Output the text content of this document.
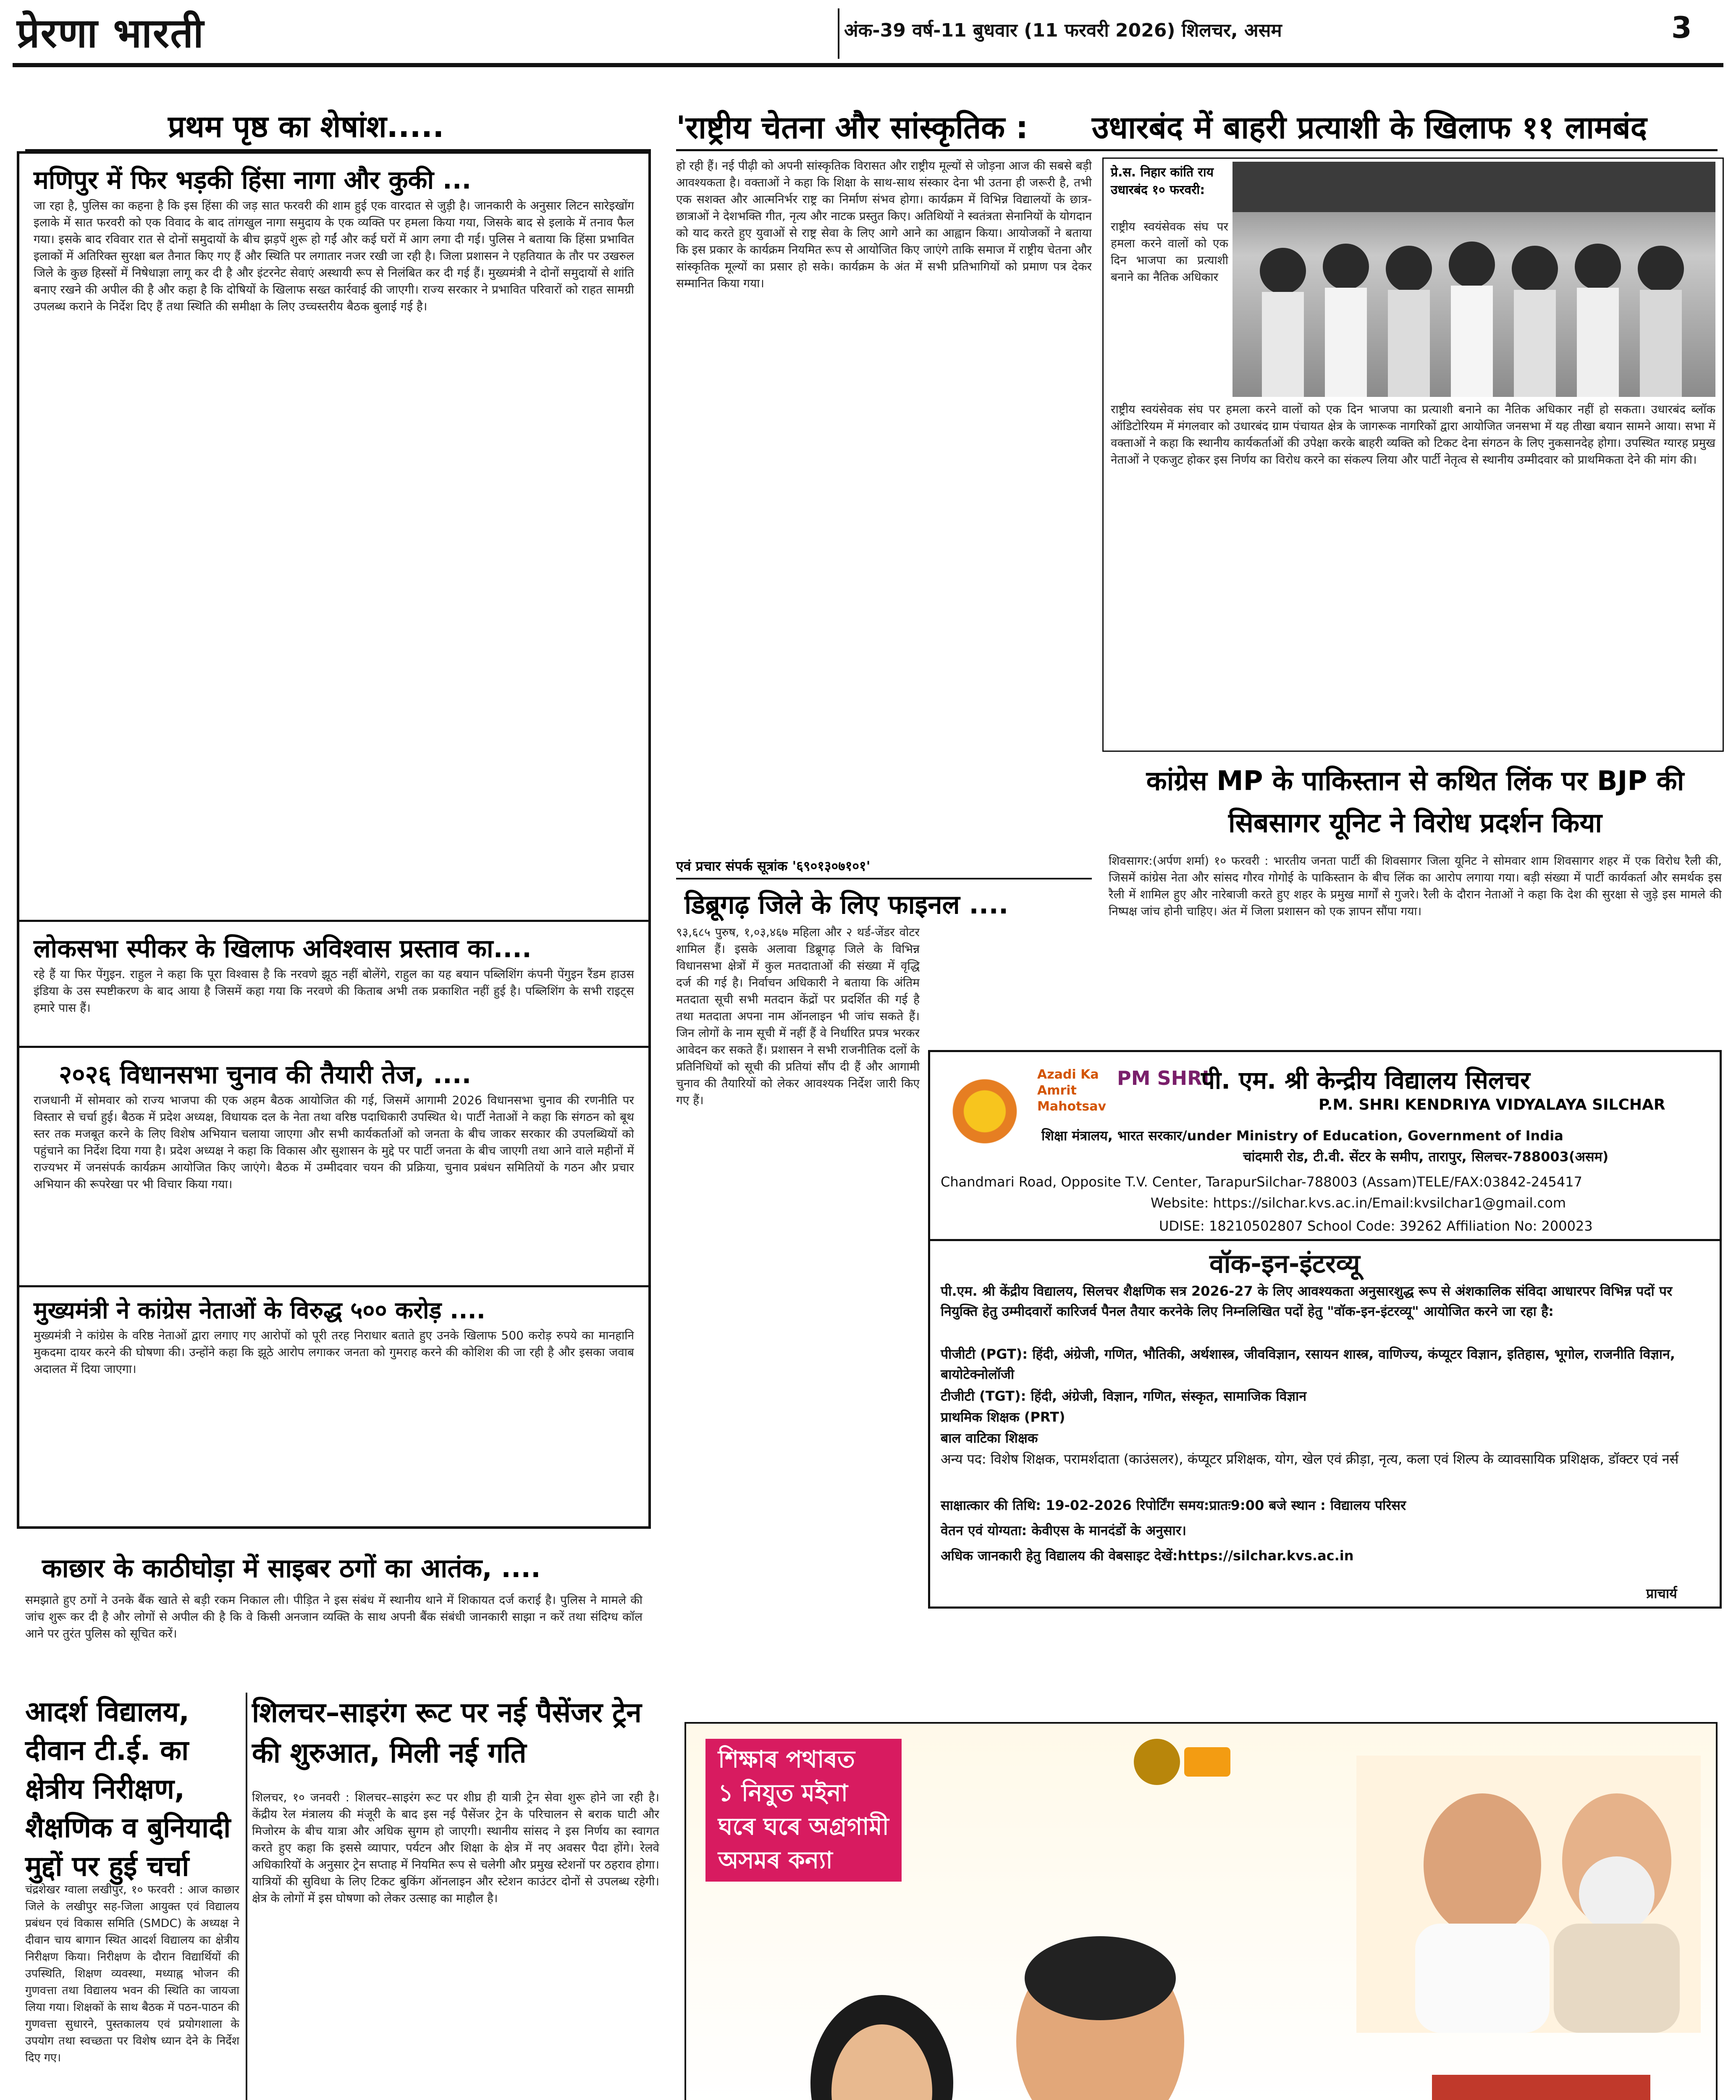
प्रेरणा भारती	अंक-39 वर्ष-11 बुधवार (11 फरवरी 2026) शिलचर, असम	3
प्रथम पृष्ठ का शेषांश.....
मणिपुर में फिर भड़की हिंसा नागा और कुकी ...

जा रहा है, पुलिस का कहना है कि इस हिंसा की जड़ सात फरवरी की शाम हुई एक वारदात से जुड़ी है। जानकारी के अनुसार लिटन सारेइखोंग इलाके में सात फरवरी को एक विवाद के बाद तांगखुल नागा समुदाय के एक व्यक्ति पर हमला किया गया, जिसके बाद से इलाके में तनाव फैल गया। इसके बाद रविवार रात से दोनों समुदायों के बीच झड़पें शुरू हो गईं और कई घरों में आग लगा दी गई। पुलिस ने बताया कि हिंसा प्रभावित इलाकों में अतिरिक्त सुरक्षा बल तैनात किए गए हैं और स्थिति पर लगातार नजर रखी जा रही है। जिला प्रशासन ने एहतियात के तौर पर उखरुल जिले के कुछ हिस्सों में निषेधाज्ञा लागू कर दी है और इंटरनेट सेवाएं अस्थायी रूप से निलंबित कर दी गई हैं। मुख्यमंत्री ने दोनों समुदायों से शांति बनाए रखने की अपील की है और कहा है कि दोषियों के खिलाफ सख्त कार्रवाई की जाएगी। राज्य सरकार ने प्रभावित परिवारों को राहत सामग्री उपलब्ध कराने के निर्देश दिए हैं तथा स्थिति की समीक्षा के लिए उच्चस्तरीय बैठक बुलाई गई है।

लोकसभा स्पीकर के खिलाफ अविश्वास प्रस्ताव का....

रहे हैं या फिर पेंगुइन. राहुल ने कहा कि पूरा विश्वास है कि नरवणे झूठ नहीं बोलेंगे, राहुल का यह बयान पब्लिशिंग कंपनी पेंगुइन रैंडम हाउस इंडिया के उस स्पष्टीकरण के बाद आया है जिसमें कहा गया कि नरवणे की किताब अभी तक प्रकाशित नहीं हुई है। पब्लिशिंग के सभी राइट्स हमारे पास हैं।

२०२६ विधानसभा चुनाव की तैयारी तेज, ....

राजधानी में सोमवार को राज्य भाजपा की एक अहम बैठक आयोजित की गई, जिसमें आगामी 2026 विधानसभा चुनाव की रणनीति पर विस्तार से चर्चा हुई। बैठक में प्रदेश अध्यक्ष, विधायक दल के नेता तथा वरिष्ठ पदाधिकारी उपस्थित थे। पार्टी नेताओं ने कहा कि संगठन को बूथ स्तर तक मजबूत करने के लिए विशेष अभियान चलाया जाएगा और सभी कार्यकर्ताओं को जनता के बीच जाकर सरकार की उपलब्धियों को पहुंचाने का निर्देश दिया गया है। प्रदेश अध्यक्ष ने कहा कि विकास और सुशासन के मुद्दे पर पार्टी जनता के बीच जाएगी तथा आने वाले महीनों में राज्यभर में जनसंपर्क कार्यक्रम आयोजित किए जाएंगे। बैठक में उम्मीदवार चयन की प्रक्रिया, चुनाव प्रबंधन समितियों के गठन और प्रचार अभियान की रूपरेखा पर भी विचार किया गया।

मुख्यमंत्री ने कांग्रेस नेताओं के विरुद्ध ५०० करोड़ ....

मुख्यमंत्री ने कांग्रेस के वरिष्ठ नेताओं द्वारा लगाए गए आरोपों को पूरी तरह निराधार बताते हुए उनके खिलाफ 500 करोड़ रुपये का मानहानि मुकदमा दायर करने की घोषणा की। उन्होंने कहा कि झूठे आरोप लगाकर जनता को गुमराह करने की कोशिश की जा रही है और इसका जवाब अदालत में दिया जाएगा।

काछार के काठीघोड़ा में साइबर ठगों का आतंक, ....

समझाते हुए ठगों ने उनके बैंक खाते से बड़ी रकम निकाल ली। पीड़ित ने इस संबंध में स्थानीय थाने में शिकायत दर्ज कराई है। पुलिस ने मामले की जांच शुरू कर दी है और लोगों से अपील की है कि वे किसी अनजान व्यक्ति के साथ अपनी बैंक संबंधी जानकारी साझा न करें तथा संदिग्ध कॉल आने पर तुरंत पुलिस को सूचित करें।

आदर्श विद्यालय, दीवान टी.ई. का क्षेत्रीय निरीक्षण, शैक्षणिक व बुनियादी मुद्दों पर हुई चर्चा

चंद्रशेखर ग्वाला लखीपुर, १० फरवरी : आज काछार जिले के लखीपुर सह-जिला आयुक्त एवं विद्यालय प्रबंधन एवं विकास समिति (SMDC) के अध्यक्ष ने दीवान चाय बागान स्थित आदर्श विद्यालय का क्षेत्रीय निरीक्षण किया। निरीक्षण के दौरान विद्यार्थियों की उपस्थिति, शिक्षण व्यवस्था, मध्याह्न भोजन की गुणवत्ता तथा विद्यालय भवन की स्थिति का जायजा लिया गया। शिक्षकों के साथ बैठक में पठन-पाठन की गुणवत्ता सुधारने, पुस्तकालय एवं प्रयोगशाला के उपयोग तथा स्वच्छता पर विशेष ध्यान देने के निर्देश दिए गए।

शिलचर–साइरंग रूट पर नई पैसेंजर ट्रेन की शुरुआत, मिली नई गति

शिलचर, १० जनवरी : शिलचर–साइरंग रूट पर शीघ्र ही यात्री ट्रेन सेवा शुरू होने जा रही है। केंद्रीय रेल मंत्रालय की मंजूरी के बाद इस नई पैसेंजर ट्रेन के परिचालन से बराक घाटी और मिजोरम के बीच यात्रा और अधिक सुगम हो जाएगी। स्थानीय सांसद ने इस निर्णय का स्वागत करते हुए कहा कि इससे व्यापार, पर्यटन और शिक्षा के क्षेत्र में नए अवसर पैदा होंगे। रेलवे अधिकारियों के अनुसार ट्रेन सप्ताह में नियमित रूप से चलेगी और प्रमुख स्टेशनों पर ठहराव होगा। यात्रियों की सुविधा के लिए टिकट बुकिंग ऑनलाइन और स्टेशन काउंटर दोनों से उपलब्ध रहेगी। क्षेत्र के लोगों में इस घोषणा को लेकर उत्साह का माहौल है।

'राष्ट्रीय चेतना और सांस्कृतिक : उधारबंद में बाहरी प्रत्याशी के खिलाफ ११ लामबंद

हो रही हैं। नई पीढ़ी को अपनी सांस्कृतिक विरासत और राष्ट्रीय मूल्यों से जोड़ना आज की सबसे बड़ी आवश्यकता है। वक्ताओं ने कहा कि शिक्षा के साथ-साथ संस्कार देना भी उतना ही जरूरी है, तभी एक सशक्त और आत्मनिर्भर राष्ट्र का निर्माण संभव होगा। कार्यक्रम में विभिन्न विद्यालयों के छात्र-छात्राओं ने देशभक्ति गीत, नृत्य और नाटक प्रस्तुत किए। अतिथियों ने स्वतंत्रता सेनानियों के योगदान को याद करते हुए युवाओं से राष्ट्र सेवा के लिए आगे आने का आह्वान किया। आयोजकों ने बताया कि इस प्रकार के कार्यक्रम नियमित रूप से आयोजित किए जाएंगे ताकि समाज में राष्ट्रीय चेतना और सांस्कृतिक मूल्यों का प्रसार हो सके। कार्यक्रम के अंत में सभी प्रतिभागियों को प्रमाण पत्र देकर सम्मानित किया गया।

एवं प्रचार संपर्क सूत्रांक '६९०१३०७१०१'
डिब्रूगढ़ जिले के लिए फाइनल ....

९३,६८५ पुरुष, १,०३,४६७ महिला और २ थर्ड-जेंडर वोटर शामिल हैं। इसके अलावा डिब्रूगढ़ जिले के विभिन्न विधानसभा क्षेत्रों में कुल मतदाताओं की संख्या में वृद्धि दर्ज की गई है। निर्वाचन अधिकारी ने बताया कि अंतिम मतदाता सूची सभी मतदान केंद्रों पर प्रदर्शित की गई है तथा मतदाता अपना नाम ऑनलाइन भी जांच सकते हैं। जिन लोगों के नाम सूची में नहीं हैं वे निर्धारित प्रपत्र भरकर आवेदन कर सकते हैं। प्रशासन ने सभी राजनीतिक दलों के प्रतिनिधियों को सूची की प्रतियां सौंप दी हैं और आगामी चुनाव की तैयारियों को लेकर आवश्यक निर्देश जारी किए गए हैं।

प्रे.स. निहार कांति राय उधारबंद १० फरवरी:

राष्ट्रीय स्वयंसेवक संघ पर हमला करने वालों को एक दिन भाजपा का प्रत्याशी बनाने का नैतिक अधिकार

राष्ट्रीय स्वयंसेवक संघ पर हमला करने वालों को एक दिन भाजपा का प्रत्याशी बनाने का नैतिक अधिकार नहीं हो सकता। उधारबंद ब्लॉक ऑडिटोरियम में मंगलवार को उधारबंद ग्राम पंचायत क्षेत्र के जागरूक नागरिकों द्वारा आयोजित जनसभा में यह तीखा बयान सामने आया। सभा में वक्ताओं ने कहा कि स्थानीय कार्यकर्ताओं की उपेक्षा करके बाहरी व्यक्ति को टिकट देना संगठन के लिए नुकसानदेह होगा। उपस्थित ग्यारह प्रमुख नेताओं ने एकजुट होकर इस निर्णय का विरोध करने का संकल्प लिया और पार्टी नेतृत्व से स्थानीय उम्मीदवार को प्राथमिकता देने की मांग की।

कांग्रेस MP के पाकिस्तान से कथित लिंक पर BJP की सिबसागर यूनिट ने विरोध प्रदर्शन किया

शिवसागर:(अर्पण शर्मा) १० फरवरी : भारतीय जनता पार्टी की शिवसागर जिला यूनिट ने सोमवार शाम शिवसागर शहर में एक विरोध रैली की, जिसमें कांग्रेस नेता और सांसद गौरव गोगोई के पाकिस्तान के बीच लिंक का आरोप लगाया गया। बड़ी संख्या में पार्टी कार्यकर्ता और समर्थक इस रैली में शामिल हुए और नारेबाजी करते हुए शहर के प्रमुख मार्गों से गुजरे। रैली के दौरान नेताओं ने कहा कि देश की सुरक्षा से जुड़े इस मामले की निष्पक्ष जांच होनी चाहिए। अंत में जिला प्रशासन को एक ज्ञापन सौंपा गया।

Azadi Ka Amrit Mahotsav
PM SHRI
पी. एम. श्री केन्द्रीय विद्यालय सिलचर
P.M. SHRI KENDRIYA VIDYALAYA SILCHAR
शिक्षा मंत्रालय, भारत सरकार/under Ministry of Education, Government of India
चांदमारी रोड, टी.वी. सेंटर के समीप, तारापुर, सिलचर-788003(असम)
Chandmari Road, Opposite T.V. Center, TarapurSilchar-788003 (Assam)TELE/FAX:03842-245417
Website: https://silchar.kvs.ac.in/Email:kvsilchar1@gmail.com
UDISE: 18210502807 School Code: 39262 Affiliation No: 200023
वॉक-इन-इंटरव्यू
पी.एम. श्री केंद्रीय विद्यालय, सिलचर शैक्षणिक सत्र 2026-27 के लिए आवश्यकता अनुसारशुद्ध रूप से अंशकालिक संविदा आधारपर विभिन्न पदों पर नियुक्ति हेतु उम्मीदवारों कारिजर्व पैनल तैयार करनेके लिए निम्नलिखित पदों हेतु "वॉक-इन-इंटरव्यू" आयोजित करने जा रहा है:
पीजीटी (PGT): हिंदी, अंग्रेजी, गणित, भौतिकी, अर्थशास्त्र, जीवविज्ञान, रसायन शास्त्र, वाणिज्य, कंप्यूटर विज्ञान, इतिहास, भूगोल, राजनीति विज्ञान, बायोटेक्नोलॉजी
टीजीटी (TGT): हिंदी, अंग्रेजी, विज्ञान, गणित, संस्कृत, सामाजिक विज्ञान
प्राथमिक शिक्षक (PRT)
बाल वाटिका शिक्षक
अन्य पद: विशेष शिक्षक, परामर्शदाता (काउंसलर), कंप्यूटर प्रशिक्षक, योग, खेल एवं क्रीड़ा, नृत्य, कला एवं शिल्प के व्यावसायिक प्रशिक्षक, डॉक्टर एवं नर्स
साक्षात्कार की तिथि: 19-02-2026 रिपोर्टिंग समय:प्रातः9:00 बजे स्थान : विद्यालय परिसर
वेतन एवं योग्यता: केवीएस के मानदंडों के अनुसार।
अधिक जानकारी हेतु विद्यालय की वेबसाइट देखें:https://silchar.kvs.ac.in
प्राचार्य
শিক্ষাৰ পথাৰত
১ নিযুত মইনা
ঘৰে ঘৰে অগ্ৰগামী
অসমৰ কন্যা
